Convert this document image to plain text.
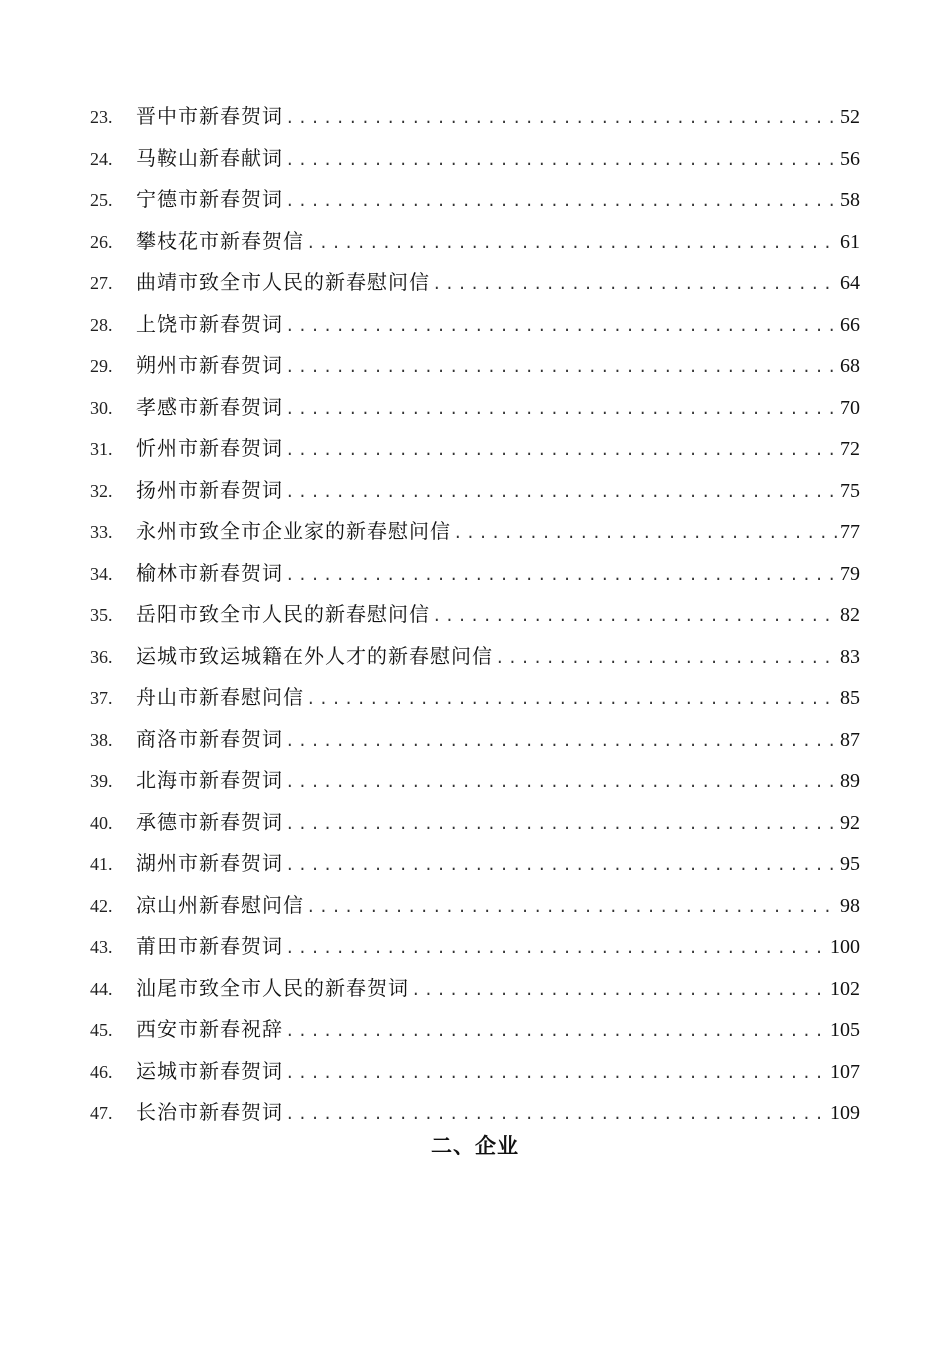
23.	晋中市新春贺词 .....	52
24.	马鞍山新春献词 .....	56
25.	宁德市新春贺词 .....	58
26.	攀枝花市新春贺信 .....	61
27.	曲靖市致全市人民的新春慰问信 .....	64
28.	上饶市新春贺词 .....	66
29.	朔州市新春贺词 .....	68
30.	孝感市新春贺词 .....	70
31.	忻州市新春贺词 .....	72
32.	扬州市新春贺词 .....	75
33.	永州市致全市企业家的新春慰问信 .....	77
34.	榆林市新春贺词 .....	79
35.	岳阳市致全市人民的新春慰问信 .....	82
36.	运城市致运城籍在外人才的新春慰问信 .....	83
37.	舟山市新春慰问信 .....	85
38.	商洛市新春贺词 .....	87
39.	北海市新春贺词 .....	89
40.	承德市新春贺词 .....	92
41.	湖州市新春贺词 .....	95
42.	凉山州新春慰问信 .....	98
43.	莆田市新春贺词 .....	100
44.	汕尾市致全市人民的新春贺词 .....	102
45.	西安市新春祝辞 .....	105
46.	运城市新春贺词 .....	107
47.	长治市新春贺词 .....	109
二、企业
